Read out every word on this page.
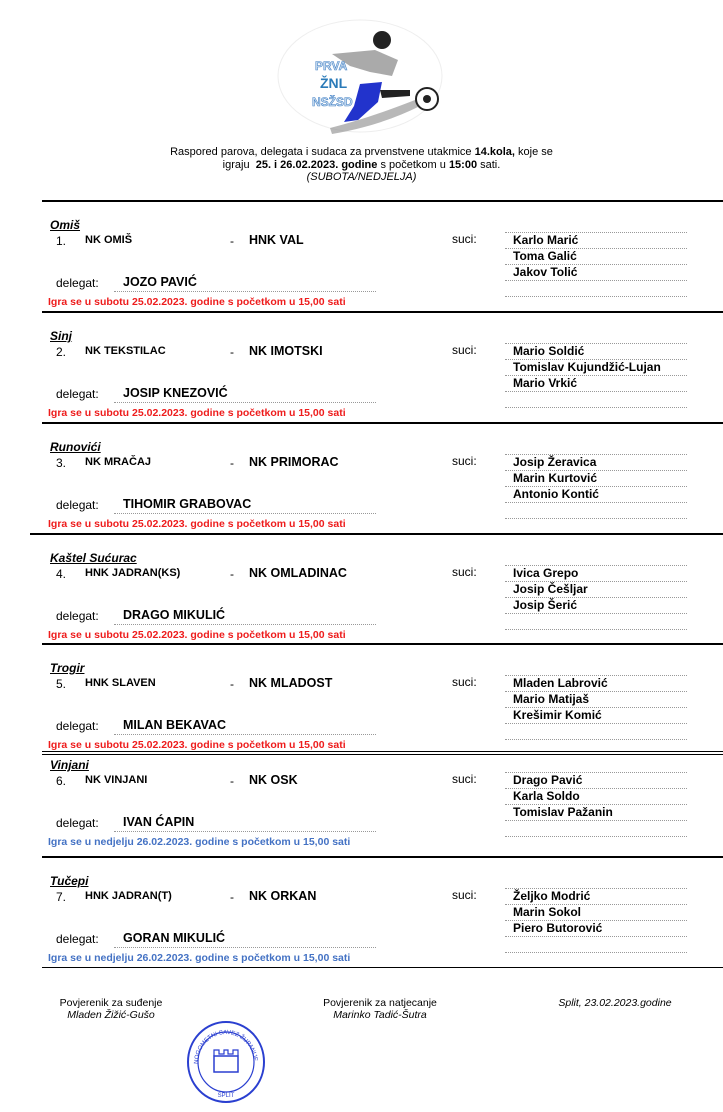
PRVA
ŽNL
NSŽSD
Raspored parova, delegata i sudaca za prvenstvene utakmice 14.kola, koje se
igraju  25. i 26.02.2023. godine s početkom u 15:00 sati.
(SUBOTA/NEDJELJA)
Omiš
1. NK OMIŠ	- HNK VAL	suci:	Karlo Marić
Toma Galić
Jakov Tolić
delegat:	JOZO PAVIĆ
Igra se u subotu 25.02.2023. godine s početkom u 15,00 sati
Sinj
2. NK TEKSTILAC	- NK IMOTSKI	suci:	Mario Soldić
Tomislav Kujundžić-Lujan
Mario Vrkić
delegat:	JOSIP KNEZOVIĆ
Igra se u subotu 25.02.2023. godine s početkom u 15,00 sati
Runovići
3. NK MRAČAJ	- NK PRIMORAC	suci:	Josip Žeravica
Marin Kurtović
Antonio Kontić
delegat:	TIHOMIR GRABOVAC
Igra se u subotu 25.02.2023. godine s početkom u 15,00 sati
Kaštel Sućurac
4. HNK JADRAN(KS)	- NK OMLADINAC	suci:	Ivica Grepo
Josip Češljar
Josip Šerić
delegat:	DRAGO MIKULIĆ
Igra se u subotu 25.02.2023. godine s početkom u 15,00 sati
Trogir
5. HNK SLAVEN	- NK MLADOST	suci:	Mladen Labrović
Mario Matijaš
Krešimir Komić
delegat:	MILAN BEKAVAC
Igra se u subotu 25.02.2023. godine s početkom u 15,00 sati
Vinjani
6. NK VINJANI	- NK OSK	suci:	Drago Pavić
Karla Soldo
Tomislav Pažanin
delegat:	IVAN ĆAPIN
Igra se u nedjelju 26.02.2023. godine s početkom u 15,00 sati
Tučepi
7. HNK JADRAN(T)	- NK ORKAN	suci:	Željko Modrić
Marin Sokol
Piero Butorović
delegat:	GORAN MIKULIĆ
Igra se u nedjelju 26.02.2023. godine s početkom u 15,00 sati
Povjerenik za suđenje
Mladen Žižić-Gušo
Povjerenik za natjecanje
Marinko Tadić-Šutra
Split, 23.02.2023.godine
NOGOMETNI SAVEZ ŽUPANIJE
SPLIT
